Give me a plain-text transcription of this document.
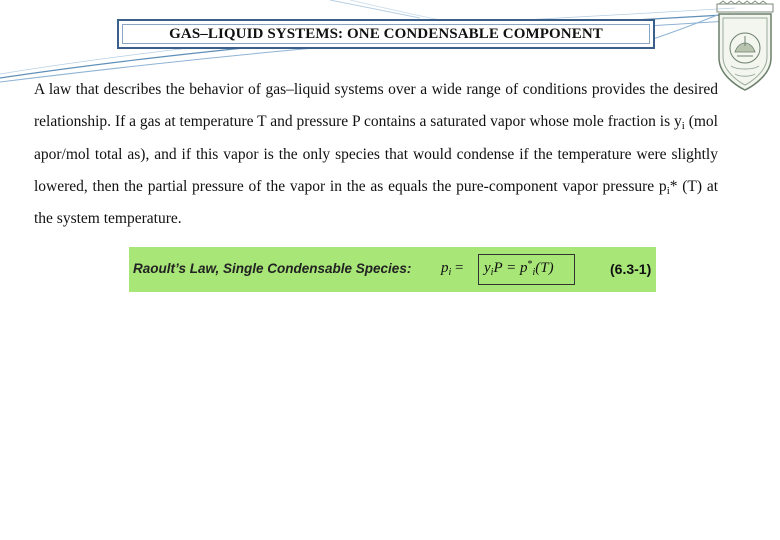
GAS–LIQUID SYSTEMS: ONE CONDENSABLE COMPONENT
A law that describes the behavior of gas–liquid systems over a wide range of conditions provides the desired relationship. If a gas at temperature T and pressure P contains a saturated vapor whose mole fraction is $y_i$ (mol apor/mol total as), and if this vapor is the only species that would condense if the temperature were slightly lowered, then the partial pressure of the vapor in the as equals the pure-component vapor pressure $p_i*$ (T) at the system temperature.
Raoult’s Law, Single Condensable Species: $p_i = y_iP = p^*_i(T)$	(6.3-1)
